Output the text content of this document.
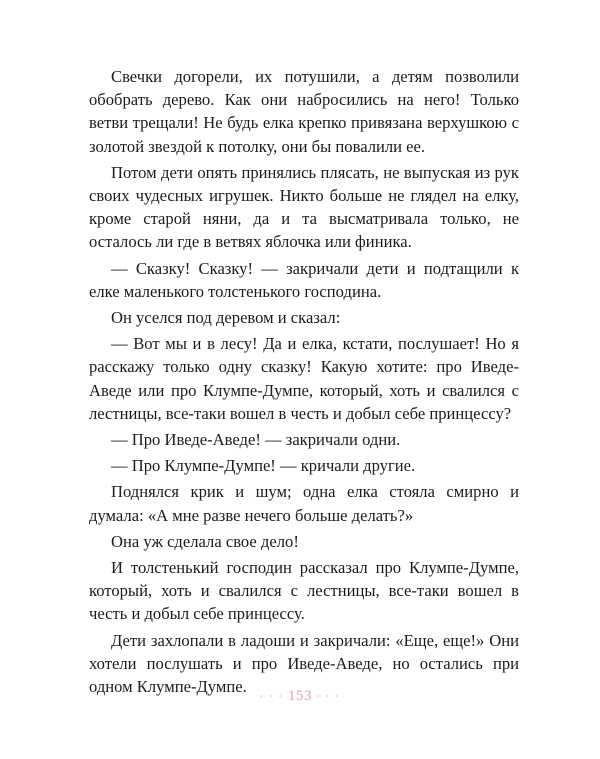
Свечки догорели, их потушили, а детям позволили обобрать дерево. Как они набросились на него! Только ветви трещали! Не будь елка крепко привязана верхушкою с золотой звездой к потолку, они бы повалили ее.

Потом дети опять принялись плясать, не выпуская из рук своих чудесных игрушек. Никто больше не глядел на елку, кроме старой няни, да и та высматривала только, не осталось ли где в ветвях яблочка или финика.

— Сказку! Сказку! — закричали дети и подтащили к елке маленького толстенького господина.

Он уселся под деревом и сказал:

— Вот мы и в лесу! Да и елка, кстати, послушает! Но я расскажу только одну сказку! Какую хотите: про Иведе-Аведе или про Клумпе-Думпе, который, хоть и свалился с лестницы, все-таки вошел в честь и добыл себе принцессу?

— Про Иведе-Аведе! — закричали одни.

— Про Клумпе-Думпе! — кричали другие.

Поднялся крик и шум; одна елка стояла смирно и думала: «А мне разве нечего больше делать?»

Она уж сделала свое дело!

И толстенький господин рассказал про Клумпе-Думпе, который, хоть и свалился с лестницы, все-таки вошел в честь и добыл себе принцессу.

Дети захлопали в ладоши и закричали: «Еще, еще!» Они хотели послушать и про Иведе-Аведе, но остались при одном Клумпе-Думпе.

• • • 153 • • •
